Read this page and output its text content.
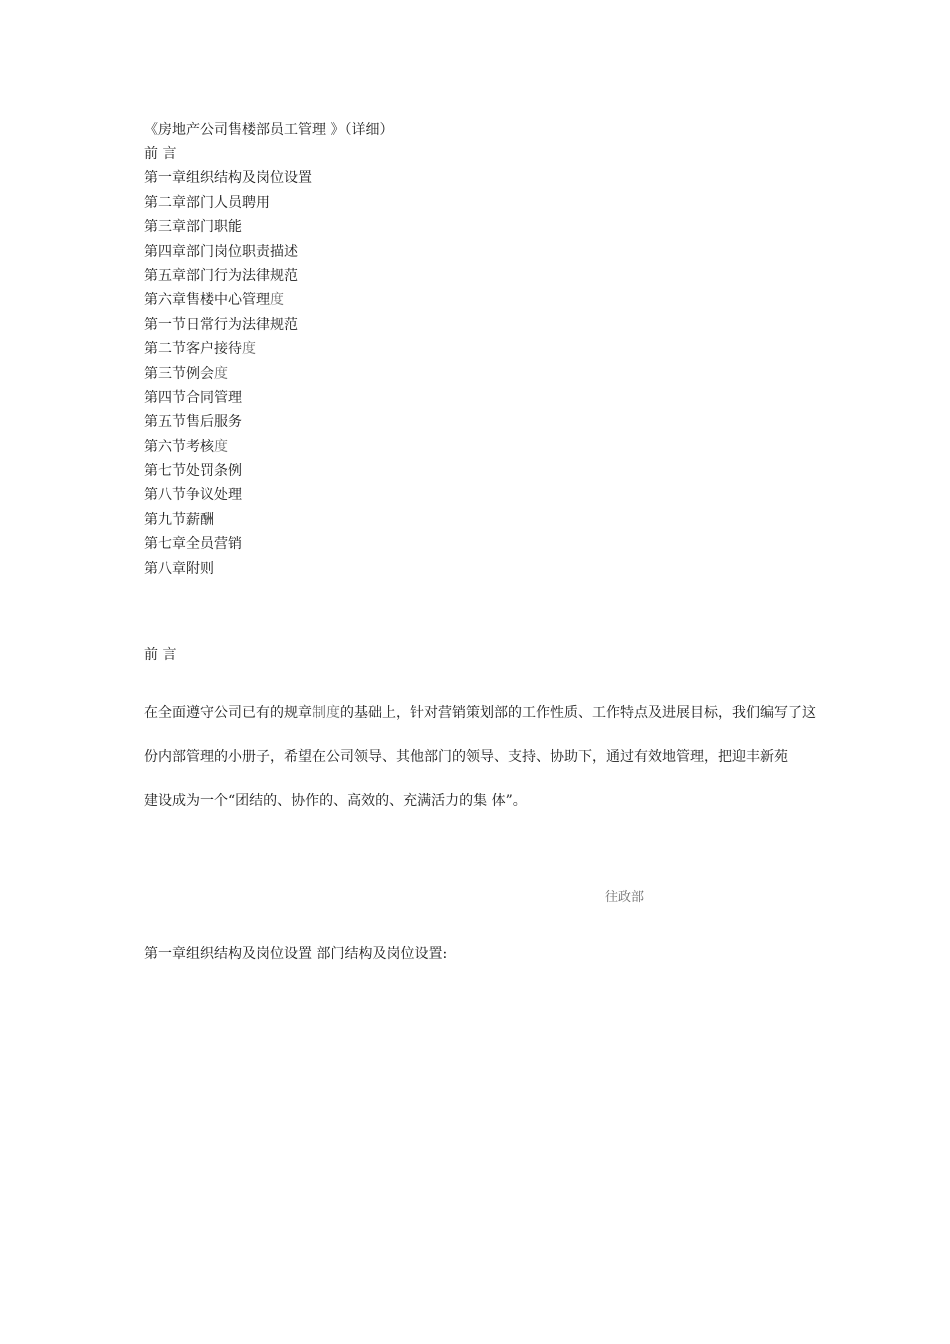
《房地产公司售楼部员工管理 》（详细）
前 言
第一章组织结构及岗位设置
第二章部门人员聘用
第三章部门职能
第四章部门岗位职责描述
第五章部门行为法律规范
第六章售楼中心管理度
第一节日常行为法律规范
第二节客户接待度
第三节例会度
第四节合同管理
第五节售后服务
第六节考核度
第七节处罚条例
第八节争议处理
第九节薪酬
第七章全员营销
第八章附则
前 言
在全面遵守公司已有的规章制度的基础上，针对营销策划部的工作性质、工作特点及进展目标，我们编写了这
份内部管理的小册子，希望在公司领导、其他部门的领导、支持、协助下，通过有效地管理，把迎丰新苑
建设成为一个“团结的、协作的、高效的、充满活力的集 体”。
往政部
第一章组织结构及岗位设置 部门结构及岗位设置:
